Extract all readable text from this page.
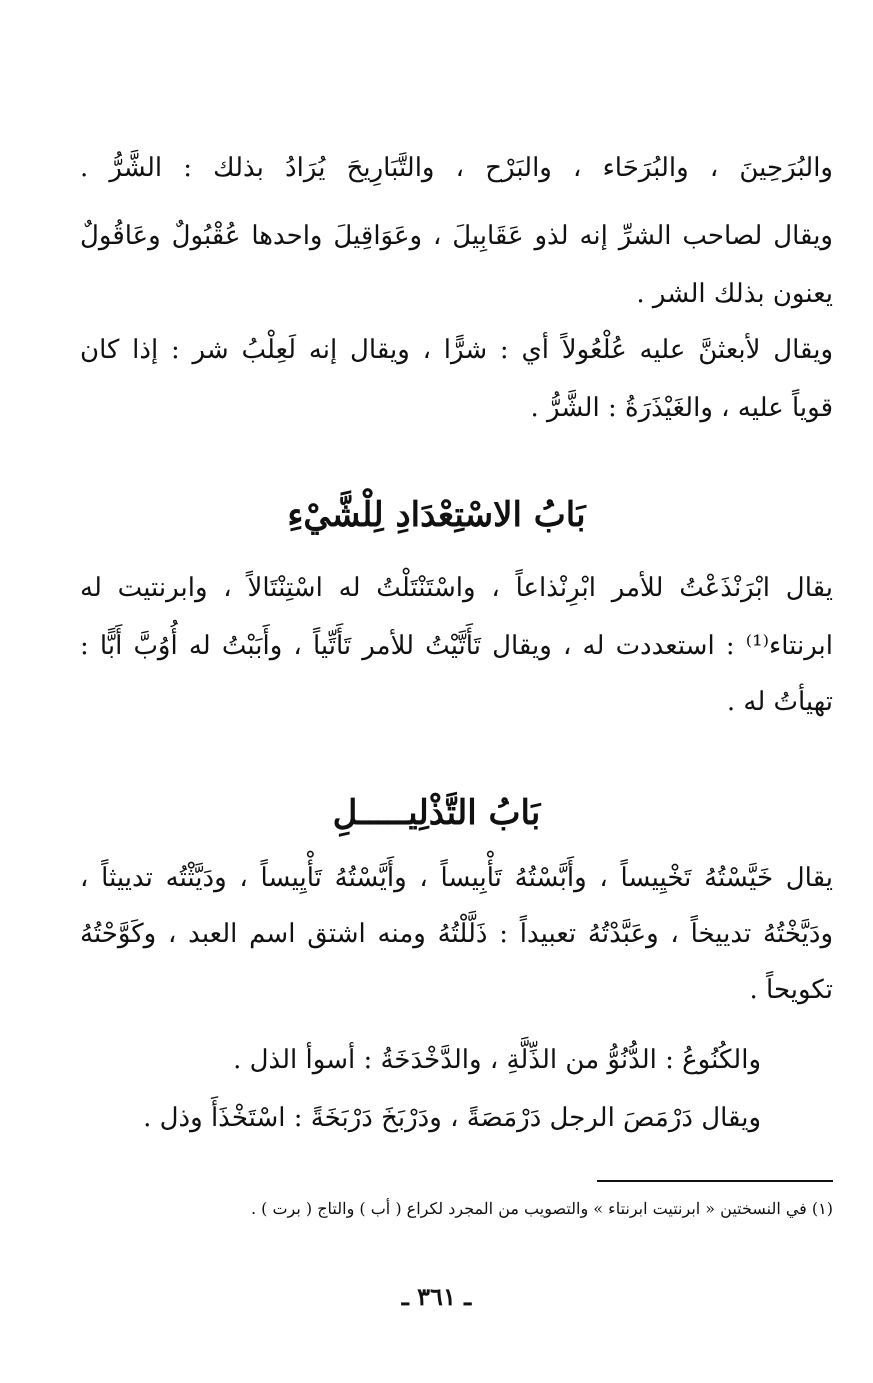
والبُرَحِينَ ، والبُرَحَاء ، والبَرْح ، والتَّبَارِيحَ يُرَادُ بذلك : الشَّرُّ .
ويقال لصاحب الشرِّ إنه لذو عَقَابِيلَ ، وعَوَاقِيلَ واحدها عُقْبُولٌ وعَاقُولٌ
يعنون بذلك الشر .
ويقال لأبعثنَّ عليه عُلْعُولاً أي : شرًّا ، ويقال إنه لَعِلْبُ شر : إذا كان
قوياً عليه ، والغَيْذَرَةُ : الشَّرُّ .
بَابُ الاسْتِعْدَادِ لِلْشَّيْءِ
يقال ابْرَنْذَعْتُ للأمر ابْرِنْذاعاً ، واسْتَنْتَلْتُ له اسْتِنْتَالاً ، وابرنتيت له
ابرنتاء⁽¹⁾ : استعددت له ، ويقال تَأَتَّيْتُ للأمر تَأَتِّياً ، وأَبَبْتُ له أُوُبَّ أَبًّا :
تهيأتُ له .
بَابُ التَّذْلِيـــــلِ
يقال خَيَّسْتُهُ تَخْيِيساً ، وأَبَّسْتُهُ تَأْبِيساً ، وأَيَّسْتُهُ تَأْيِيساً ، ودَيَّثْتُه تدييثاً ،
ودَيَّخْتُهُ تدييخاً ، وعَبَّدْتُهُ تعبيداً : ذَلَّلْتُهُ ومنه اشتق اسم العبد ، وكَوَّحْتُهُ
تكويحاً .
والكُنُوعُ : الدُّنُوُّ من الذِّلَّةِ ، والدَّخْدَخَةُ : أسوأ الذل .
ويقال دَرْمَصَ الرجل دَرْمَصَةً ، ودَرْبَخَ دَرْبَخَةً : اسْتَخْذَأَ وذل .
(١) في النسختين « ابرنتيت ابرنتاء » والتصويب من المجرد لكراع ( أب ) والتاج ( برت ) .
ـ ٣٦١ ـ
